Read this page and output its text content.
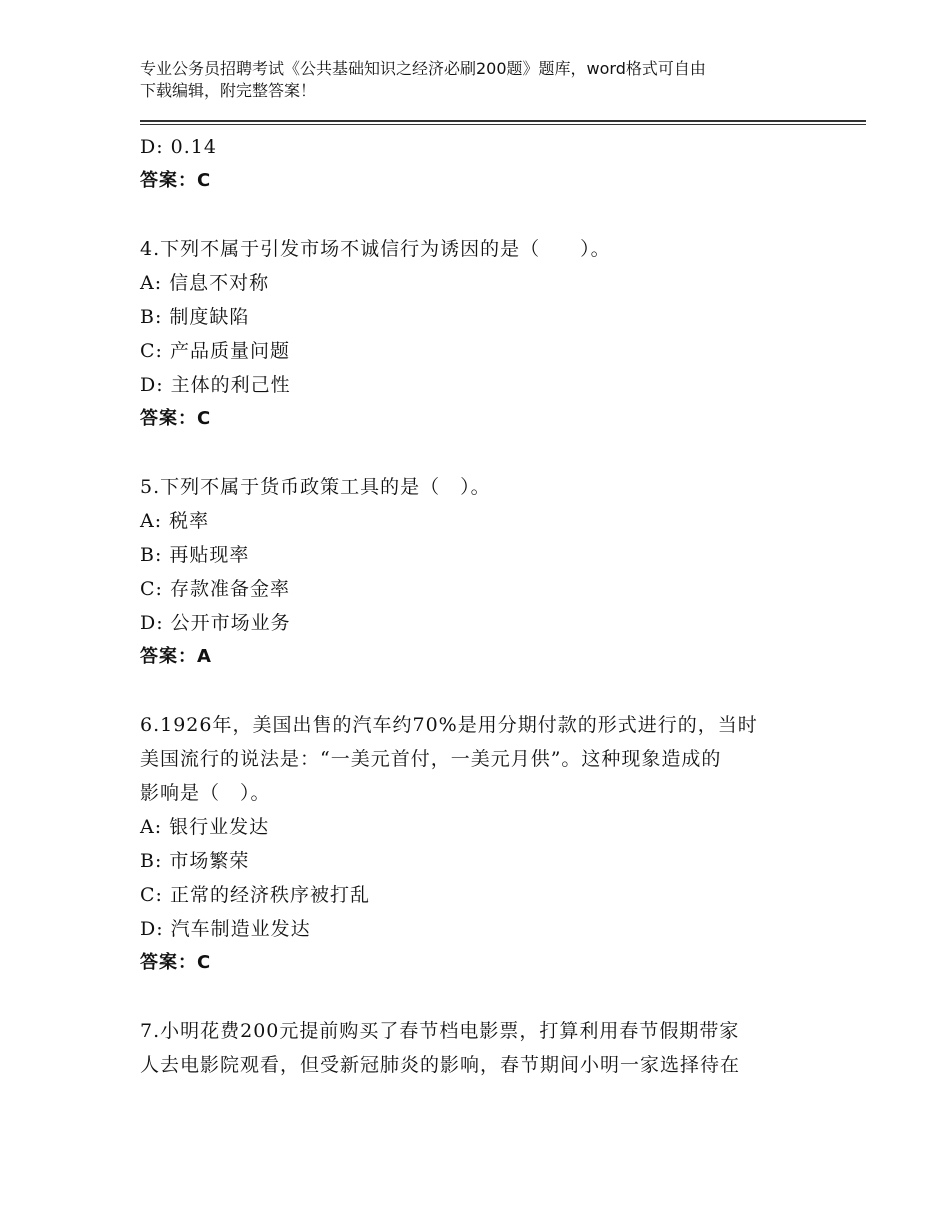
专业公务员招聘考试《公共基础知识之经济必刷200题》题库，word格式可自由
下载编辑，附完整答案！
D: 0.14
答案：C
4.下列不属于引发市场不诚信行为诱因的是（　　）。
A: 信息不对称
B: 制度缺陷
C: 产品质量问题
D: 主体的利己性
答案：C
5.下列不属于货币政策工具的是（　）。
A: 税率
B: 再贴现率
C: 存款准备金率
D: 公开市场业务
答案：A
6.1926年，美国出售的汽车约70%是用分期付款的形式进行的，当时
美国流行的说法是：“一美元首付，一美元月供”。这种现象造成的
影响是（　）。
A: 银行业发达
B: 市场繁荣
C: 正常的经济秩序被打乱
D: 汽车制造业发达
答案：C
7.小明花费200元提前购买了春节档电影票，打算利用春节假期带家
人去电影院观看，但受新冠肺炎的影响，春节期间小明一家选择待在
